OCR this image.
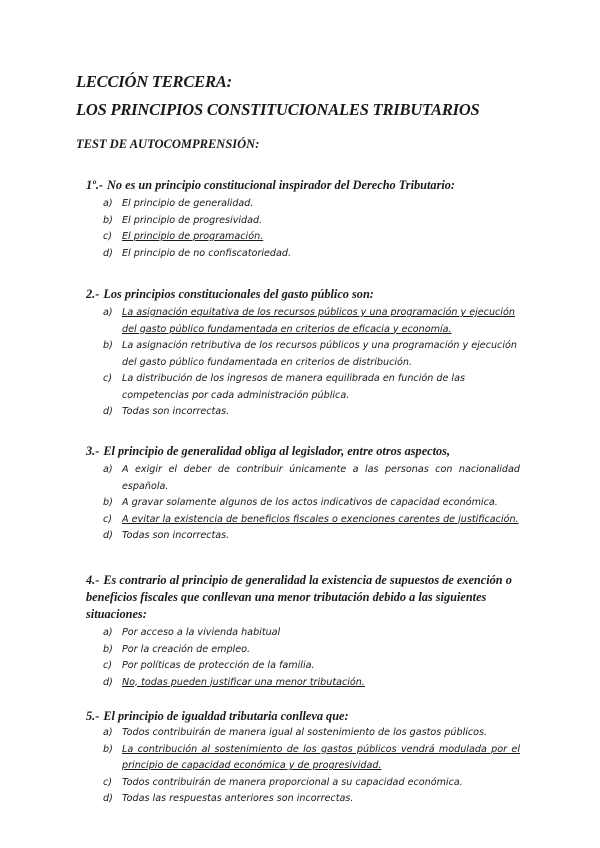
LECCIÓN TERCERA:
LOS PRINCIPIOS CONSTITUCIONALES TRIBUTARIOS
TEST DE AUTOCOMPRENSIÓN:
1º.- No es un principio constitucional inspirador del Derecho Tributario:
a) El principio de generalidad.
b) El principio de progresividad.
c)	El principio de programación.
d) El principio de no confiscatoriedad.
2.- Los principios constitucionales del gasto público son:
a) La asignación equitativa de los recursos públicos y una programación y ejecución del gasto público fundamentada en criterios de eficacia y economía.
b) La asignación retributiva de los recursos públicos y una programación y ejecución del gasto público fundamentada en criterios de distribución.
c)	La distribución de los ingresos de manera equilibrada en función de las competencias por cada administración pública.
d) Todas son incorrectas.
3.- El principio de generalidad obliga al legislador, entre otros aspectos,
a) A exigir el deber de contribuir únicamente a las personas con nacionalidad española.
b) A gravar solamente algunos de los actos indicativos de capacidad económica.
c)	A evitar la existencia de beneficios fiscales o exenciones carentes de justificación.
d) Todas son incorrectas.
4.- Es contrario al principio de generalidad la existencia de supuestos de exención o beneficios fiscales que conllevan una menor tributación debido a las siguientes situaciones:
a) Por acceso a la vivienda habitual
b) Por la creación de empleo.
c)	Por políticas de protección de la familia.
d) No, todas pueden justificar una menor tributación.
5.- El principio de igualdad tributaria conlleva que:
a) Todos contribuirán de manera igual al sostenimiento de los gastos públicos.
b) La contribución al sostenimiento de los gastos públicos vendrá modulada por el principio de capacidad económica y de progresividad.
c)	Todos contribuirán de manera proporcional a su capacidad económica.
d) Todas las respuestas anteriores son incorrectas.
